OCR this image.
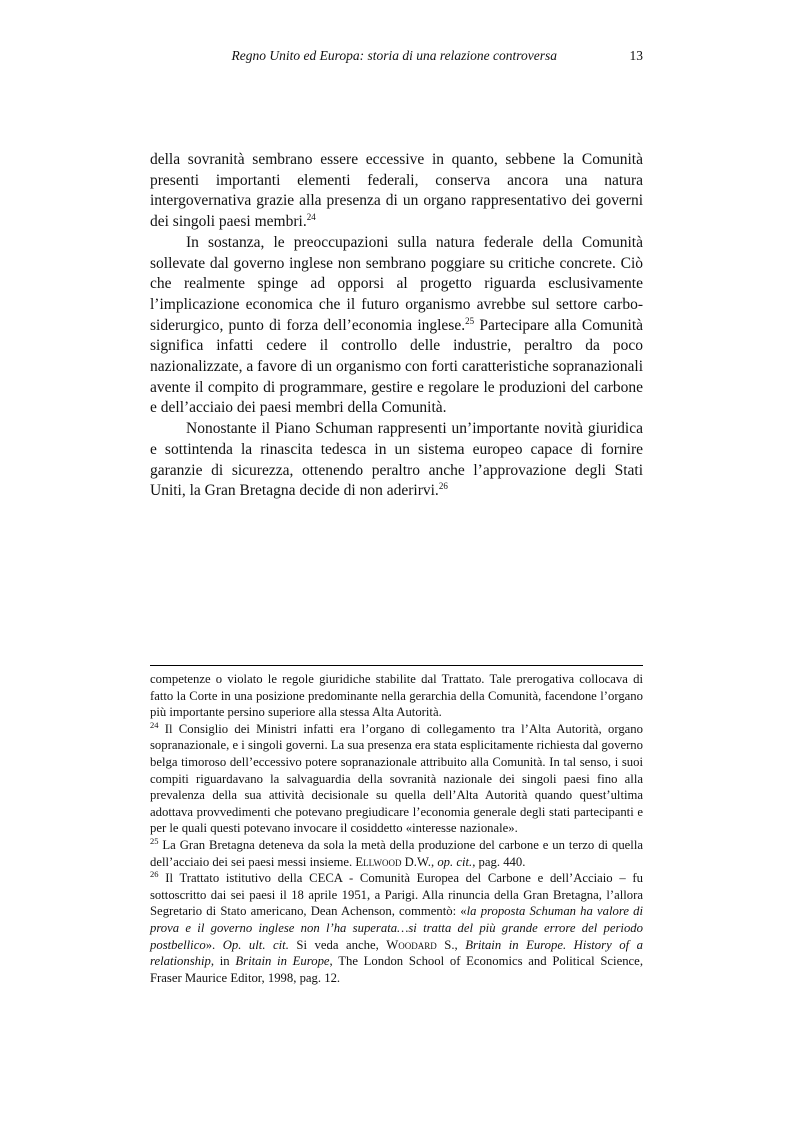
Regno Unito ed Europa: storia di una relazione controversa	13

della sovranità sembrano essere eccessive in quanto, sebbene la Comunità presenti importanti elementi federali, conserva ancora una natura intergovernativa grazie alla presenza di un organo rappresentativo dei governi dei singoli paesi membri.$^{24}$

In sostanza, le preoccupazioni sulla natura federale della Comunità sollevate dal governo inglese non sembrano poggiare su critiche concrete. Ciò che realmente spinge ad opporsi al progetto riguarda esclusivamente l’implicazione economica che il futuro organismo avrebbe sul settore carbo-siderurgico, punto di forza dell’economia inglese.$^{25}$ Partecipare alla Comunità significa infatti cedere il controllo delle industrie, peraltro da poco nazionalizzate, a favore di un organismo con forti caratteristiche sopranazionali avente il compito di programmare, gestire e regolare le produzioni del carbone e dell’acciaio dei paesi membri della Comunità.

Nonostante il Piano Schuman rappresenti un’importante novità giuridica e sottintenda la rinascita tedesca in un sistema europeo capace di fornire garanzie di sicurezza, ottenendo peraltro anche l’approvazione degli Stati Uniti, la Gran Bretagna decide di non aderirvi.$^{26}$

competenze o violato le regole giuridiche stabilite dal Trattato. Tale prerogativa collocava di fatto la Corte in una posizione predominante nella gerarchia della Comunità, facendone l’organo più importante persino superiore alla stessa Alta Autorità.

$^{24}$ Il Consiglio dei Ministri infatti era l’organo di collegamento tra l’Alta Autorità, organo sopranazionale, e i singoli governi. La sua presenza era stata esplicitamente richiesta dal governo belga timoroso dell’eccessivo potere sopranazionale attribuito alla Comunità. In tal senso, i suoi compiti riguardavano la salvaguardia della sovranità nazionale dei singoli paesi fino alla prevalenza della sua attività decisionale su quella dell’Alta Autorità quando quest’ultima adottava provvedimenti che potevano pregiudicare l’economia generale degli stati partecipanti e per le quali questi potevano invocare il cosiddetto «interesse nazionale».

$^{25}$ La Gran Bretagna deteneva da sola la metà della produzione del carbone e un terzo di quella dell’acciaio dei sei paesi messi insieme. Ellwood D.W., op. cit., pag. 440.

$^{26}$ Il Trattato istitutivo della CECA - Comunità Europea del Carbone e dell’Acciaio – fu sottoscritto dai sei paesi il 18 aprile 1951, a Parigi. Alla rinuncia della Gran Bretagna, l’allora Segretario di Stato americano, Dean Achenson, commentò: «la proposta Schuman ha valore di prova e il governo inglese non l’ha superata…si tratta del più grande errore del periodo postbellico». Op. ult. cit. Si veda anche, Woodard S., Britain in Europe. History of a relationship, in Britain in Europe, The London School of Economics and Political Science, Fraser Maurice Editor, 1998, pag. 12.
